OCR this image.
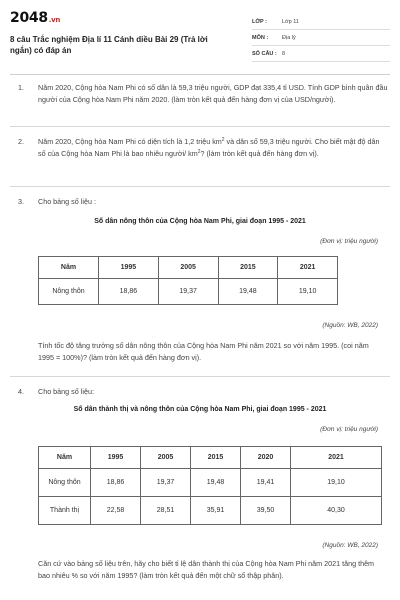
2048.vn
8 câu Trắc nghiệm Địa lí 11 Cánh diều Bài 29 (Trả lời ngắn) có đáp án
LỚP :	Lớp 11
MÔN :	Địa lý
SỐ CÂU : 8
1. Năm 2020, Cộng hòa Nam Phi có số dân là 59,3 triệu người, GDP đạt 335,4 tỉ USD. Tính GDP bình quân đầu người của Cộng hòa Nam Phi năm 2020. (làm tròn kết quả đến hàng đơn vị của USD/người).
2. Năm 2020, Cộng hòa Nam Phi có diện tích là 1,2 triệu $km^2$ và dân số 59,3 triệu người. Cho biết mật độ dân số của Cộng hòa Nam Phi là bao nhiêu người/ $km^2$? (làm tròn kết quả đến hàng đơn vị).
3. Cho bảng số liệu :
Số dân nông thôn của Cộng hòa Nam Phi, giai đoạn 1995 - 2021
(Đơn vị: triệu người)
Năm	1995	2005	2015	2021
Nông thôn	18,86	19,37	19,48	19,10
(Nguồn: WB, 2022)
Tính tốc độ tăng trưởng số dân nông thôn của Cộng hòa Nam Phi năm 2021 so với năm 1995. (coi năm 1995 = 100%)? (làm tròn kết quả đến hàng đơn vị).
4. Cho bảng số liệu:
Số dân thành thị và nông thôn của Cộng hòa Nam Phi, giai đoạn 1995 - 2021
(Đơn vị: triệu người)
Năm	1995	2005	2015	2020	2021
Nông thôn	18,86	19,37	19,48	19,41	19,10
Thành thị	22,58	28,51	35,91	39,50	40,30
(Nguồn: WB, 2022)
Căn cứ vào bảng số liệu trên, hãy cho biết tỉ lệ dân thành thị của Cộng hòa Nam Phi năm 2021 tăng thêm bao nhiêu % so với năm 1995? (làm tròn kết quả đến một chữ số thập phân).
